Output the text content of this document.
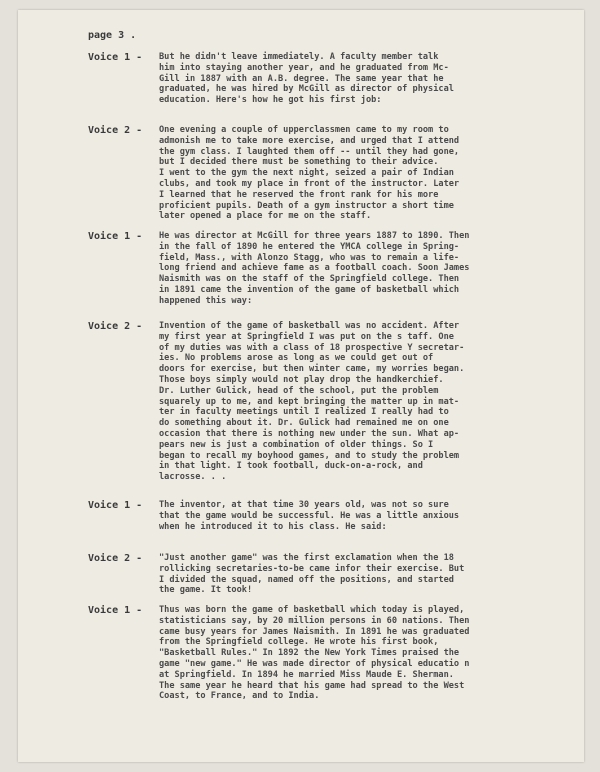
page 3 .
Voice 1 - But he didn't leave immediately. A faculty member talk
him into staying another year, and he graduated from Mc-
Gill in 1887 with an A.B. degree. The same year that he
graduated, he was hired by McGill as director of physical
education. Here's how he got his first job:
Voice 2 - One evening a couple of upperclassmen came to my room to
admonish me to take more exercise, and urged that I attend
the gym class. I laughted them off -- until they had gone,
but I decided there must be something to their advice.
I went to the gym the next night, seized a pair of Indian
clubs, and took my place in front of the instructor. Later
I learned that he reserved the front rank for his more
proficient pupils. Death of a gym instructor a short time
later opened a place for me on the staff.
Voice 1 - He was director at McGill for three years 1887 to 1890. Then
in the fall of 1890 he entered the YMCA college in Spring-
field, Mass., with Alonzo Stagg, who was to remain a life-
long friend and achieve fame as a football coach. Soon James
Naismith was on the staff of the Springfield college. Then
in 1891 came the invention of the game of basketball which
happened this way:
Voice 2 - Invention of the game of basketball was no accident. After
my first year at Springfield I was put on the s taff. One
of my duties was with a class of 18 prospective Y secretar-
ies. No problems arose as long as we could get out of
doors for exercise, but then winter came, my worries began.
Those boys simply would not play drop the handkerchief.
Dr. Luther Gulick, head of the school, put the problem
squarely up to me, and kept bringing the matter up in mat-
ter in faculty meetings until I realized I really had to
do something about it. Dr. Gulick had remained me on one
occasion that there is nothing new under the sun. What ap-
pears new is just a combination of older things. So I
began to recall my boyhood games, and to study the problem
in that light. I took football, duck-on-a-rock, and
lacrosse. . .
Voice 1 - The inventor, at that time 30 years old, was not so sure
that the game would be successful. He was a little anxious
when he introduced it to his class. He said:
Voice 2 - "Just another game" was the first exclamation when the 18
rollicking secretaries-to-be came infor their exercise. But
I divided the squad, named off the positions, and started
the game. It took!
Voice 1 - Thus was born the game of basketball which today is played,
statisticians say, by 20 million persons in 60 nations. Then
came busy years for James Naismith. In 1891 he was graduated
from the Springfield college. He wrote his first book,
"Basketball Rules." In 1892 the New York Times praised the
game "new game." He was made director of physical educatio n
at Springfield. In 1894 he married Miss Maude E. Sherman.
The same year he heard that his game had spread to the West
Coast, to France, and to India.
